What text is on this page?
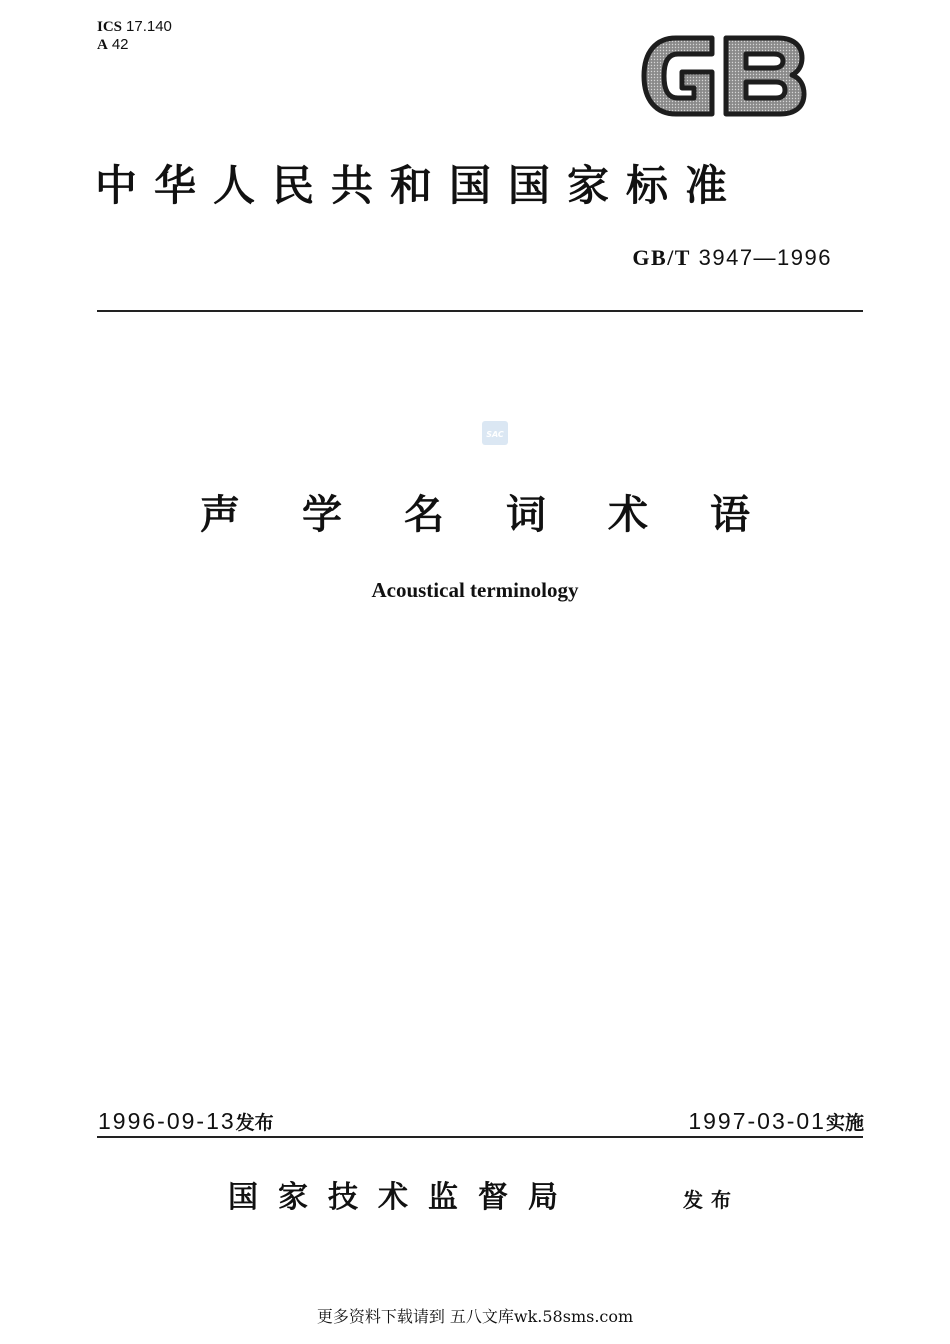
ICS 17.140
A 42
中华人民共和国国家标准
GB/T 3947—1996
SAC
声学名词术语
Acoustical terminology
1996-09-13发布	1997-03-01实施
国家技术监督局	发布
更多资料下载请到 五八文库wk.58sms.com
